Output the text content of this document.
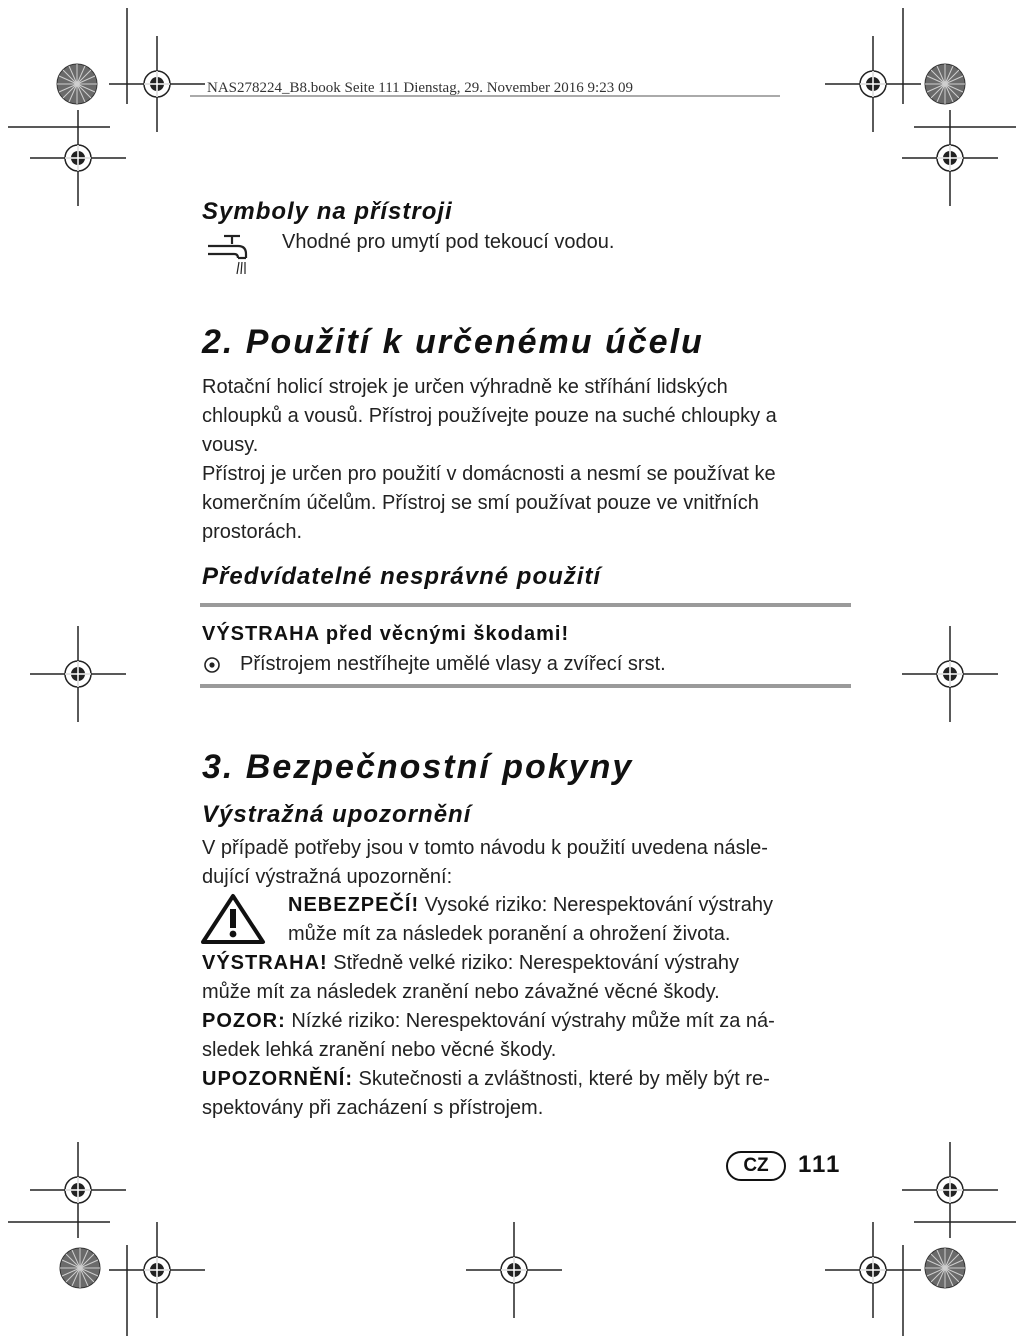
NAS278224_B8.book Seite 111 Dienstag, 29. November 2016 9:23 09
Symboly na přístroji
Vhodné pro umytí pod tekoucí vodou.
2. Použití k určenému účelu
Rotační holicí strojek je určen výhradně ke stříhání lidských
chloupků a vousů. Přístroj používejte pouze na suché chloupky a
vousy.
Přístroj je určen pro použití v domácnosti a nesmí se používat ke
komerčním účelům. Přístroj se smí používat pouze ve vnitřních
prostorách.
Předvídatelné nesprávné použití
VÝSTRAHA před věcnými škodami!
Přístrojem nestříhejte umělé vlasy a zvířecí srst.
3. Bezpečnostní pokyny
Výstražná upozornění
V případě potřeby jsou v tomto návodu k použití uvedena násle-
dující výstražná upozornění:
NEBEZPEČÍ! Vysoké riziko: Nerespektování výstrahy
může mít za následek poranění a ohrožení života.
VÝSTRAHA! Středně velké riziko: Nerespektování výstrahy
může mít za následek zranění nebo závažné věcné škody.
POZOR: Nízké riziko: Nerespektování výstrahy může mít za ná-
sledek lehká zranění nebo věcné škody.
UPOZORNĚNÍ: Skutečnosti a zvláštnosti, které by měly být re-
spektovány při zacházení s přístrojem.
CZ	111
